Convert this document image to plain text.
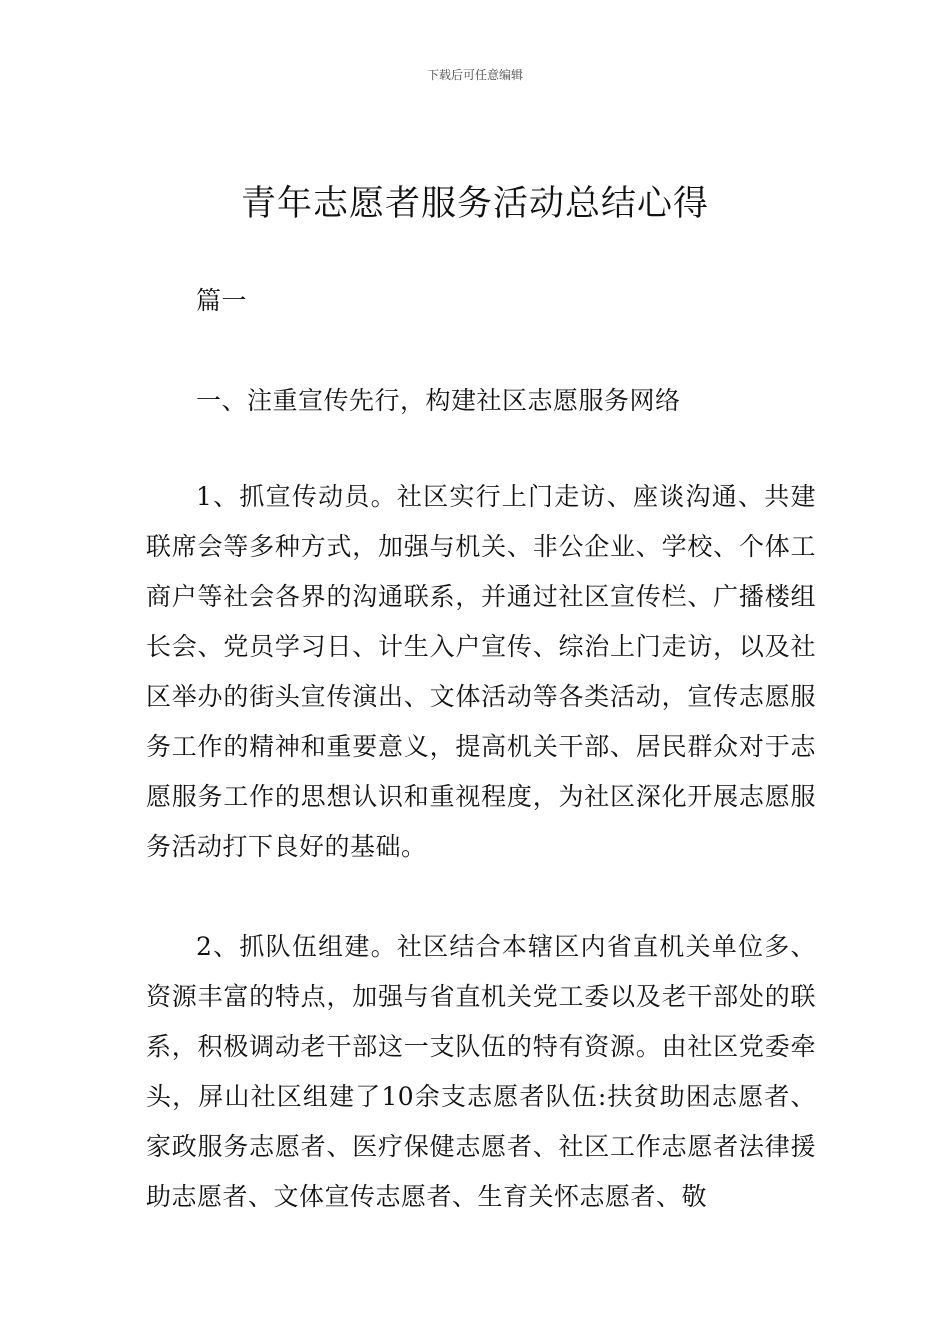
下载后可任意编辑
青年志愿者服务活动总结心得
篇一
一、注重宣传先行，构建社区志愿服务网络
1、抓宣传动员。社区实行上门走访、座谈沟通、共建联席会等多种方式，加强与机关、非公企业、学校、个体工商户等社会各界的沟通联系，并通过社区宣传栏、广播楼组长会、党员学习日、计生入户宣传、综治上门走访，以及社区举办的街头宣传演出、文体活动等各类活动，宣传志愿服务工作的精神和重要意义，提高机关干部、居民群众对于志愿服务工作的思想认识和重视程度，为社区深化开展志愿服务活动打下良好的基础。
2、抓队伍组建。社区结合本辖区内省直机关单位多、资源丰富的特点，加强与省直机关党工委以及老干部处的联系，积极调动老干部这一支队伍的特有资源。由社区党委牵头，屏山社区组建了10余支志愿者队伍:扶贫助困志愿者、家政服务志愿者、医疗保健志愿者、社区工作志愿者法律援助志愿者、文体宣传志愿者、生育关怀志愿者、敬
